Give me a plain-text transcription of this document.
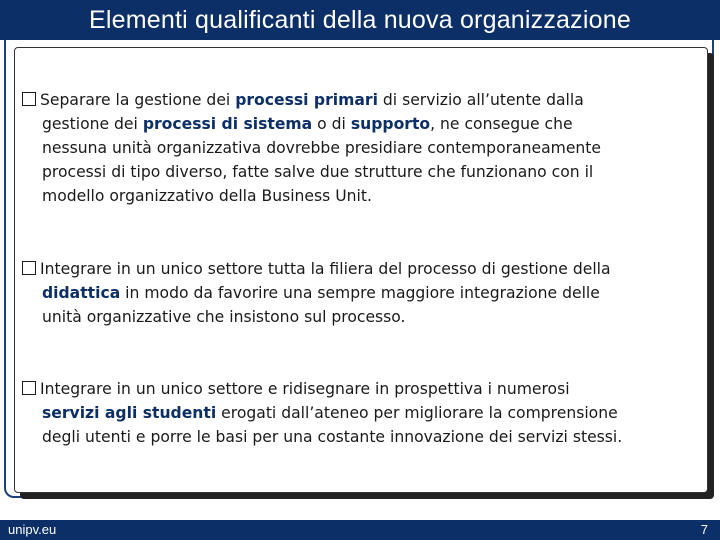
Elementi qualificanti della nuova organizzazione
Separare la gestione dei processi primari di servizio all’utente dalla
gestione dei processi di sistema o di supporto, ne consegue che
nessuna unità organizzativa dovrebbe presidiare contemporaneamente
processi di tipo diverso, fatte salve due strutture che funzionano con il
modello organizzativo della Business Unit.
Integrare in un unico settore tutta la filiera del processo di gestione della
didattica in modo da favorire una sempre maggiore integrazione delle
unità organizzative che insistono sul processo.
Integrare in un unico settore e ridisegnare in prospettiva i numerosi
servizi agli studenti erogati dall’ateneo per migliorare la comprensione
degli utenti e porre le basi per una costante innovazione dei servizi stessi.
unipv.eu	7
